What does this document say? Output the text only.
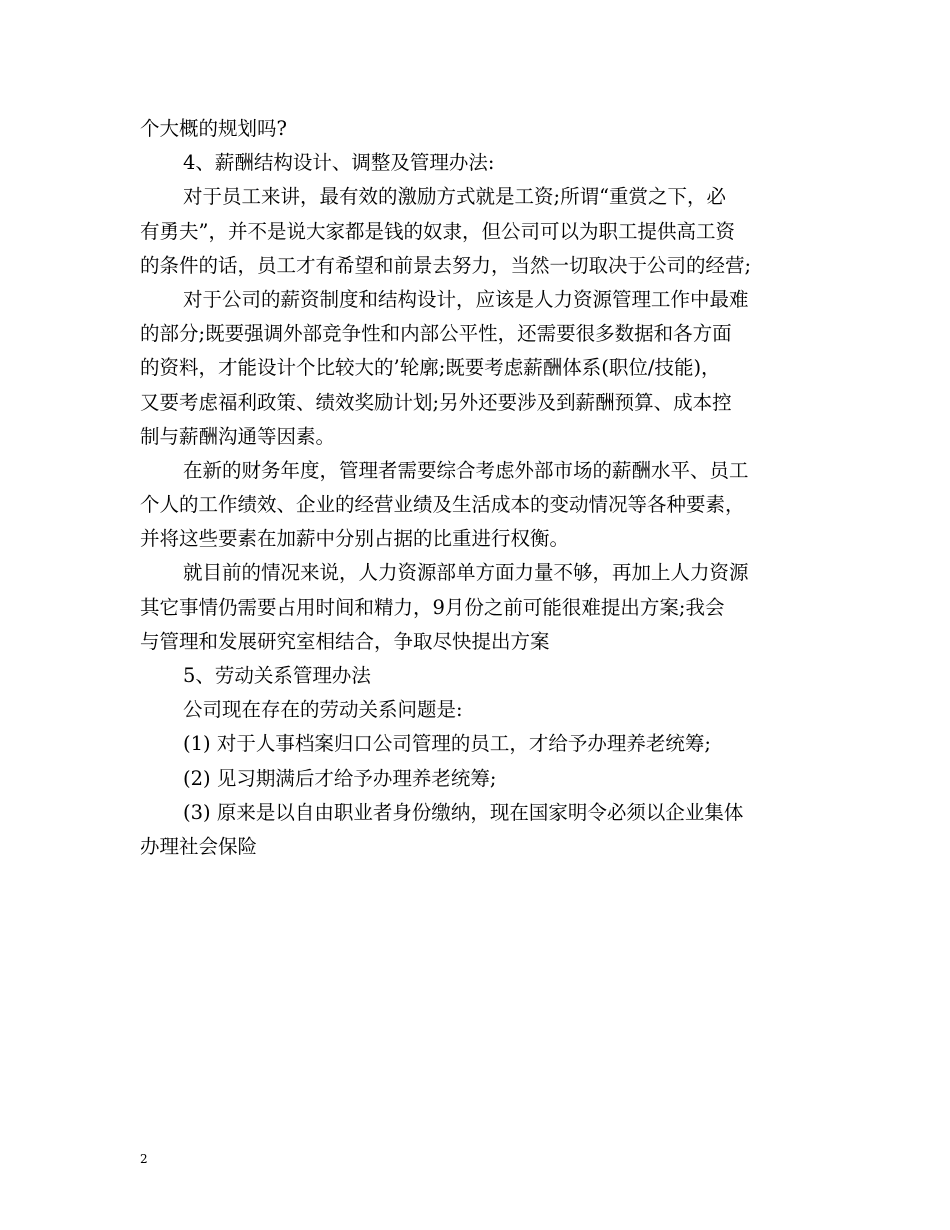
个大概的规划吗?
4、薪酬结构设计、调整及管理办法:
对于员工来讲，最有效的激励方式就是工资;所谓“重赏之下，必
有勇夫”，并不是说大家都是钱的奴隶，但公司可以为职工提供高工资
的条件的话，员工才有希望和前景去努力，当然一切取决于公司的经营;
对于公司的薪资制度和结构设计，应该是人力资源管理工作中最难
的部分;既要强调外部竞争性和内部公平性，还需要很多数据和各方面
的资料，才能设计个比较大的’轮廓;既要考虑薪酬体系(职位/技能)，
又要考虑福利政策、绩效奖励计划;另外还要涉及到薪酬预算、成本控
制与薪酬沟通等因素。
在新的财务年度，管理者需要综合考虑外部市场的薪酬水平、员工
个人的工作绩效、企业的经营业绩及生活成本的变动情况等各种要素，
并将这些要素在加薪中分别占据的比重进行权衡。
就目前的情况来说，人力资源部单方面力量不够，再加上人力资源
其它事情仍需要占用时间和精力，9月份之前可能很难提出方案;我会
与管理和发展研究室相结合，争取尽快提出方案
5、劳动关系管理办法
公司现在存在的劳动关系问题是:
(1) 对于人事档案归口公司管理的员工，才给予办理养老统筹;
(2) 见习期满后才给予办理养老统筹;
(3) 原来是以自由职业者身份缴纳，现在国家明令必须以企业集体
办理社会保险
2
